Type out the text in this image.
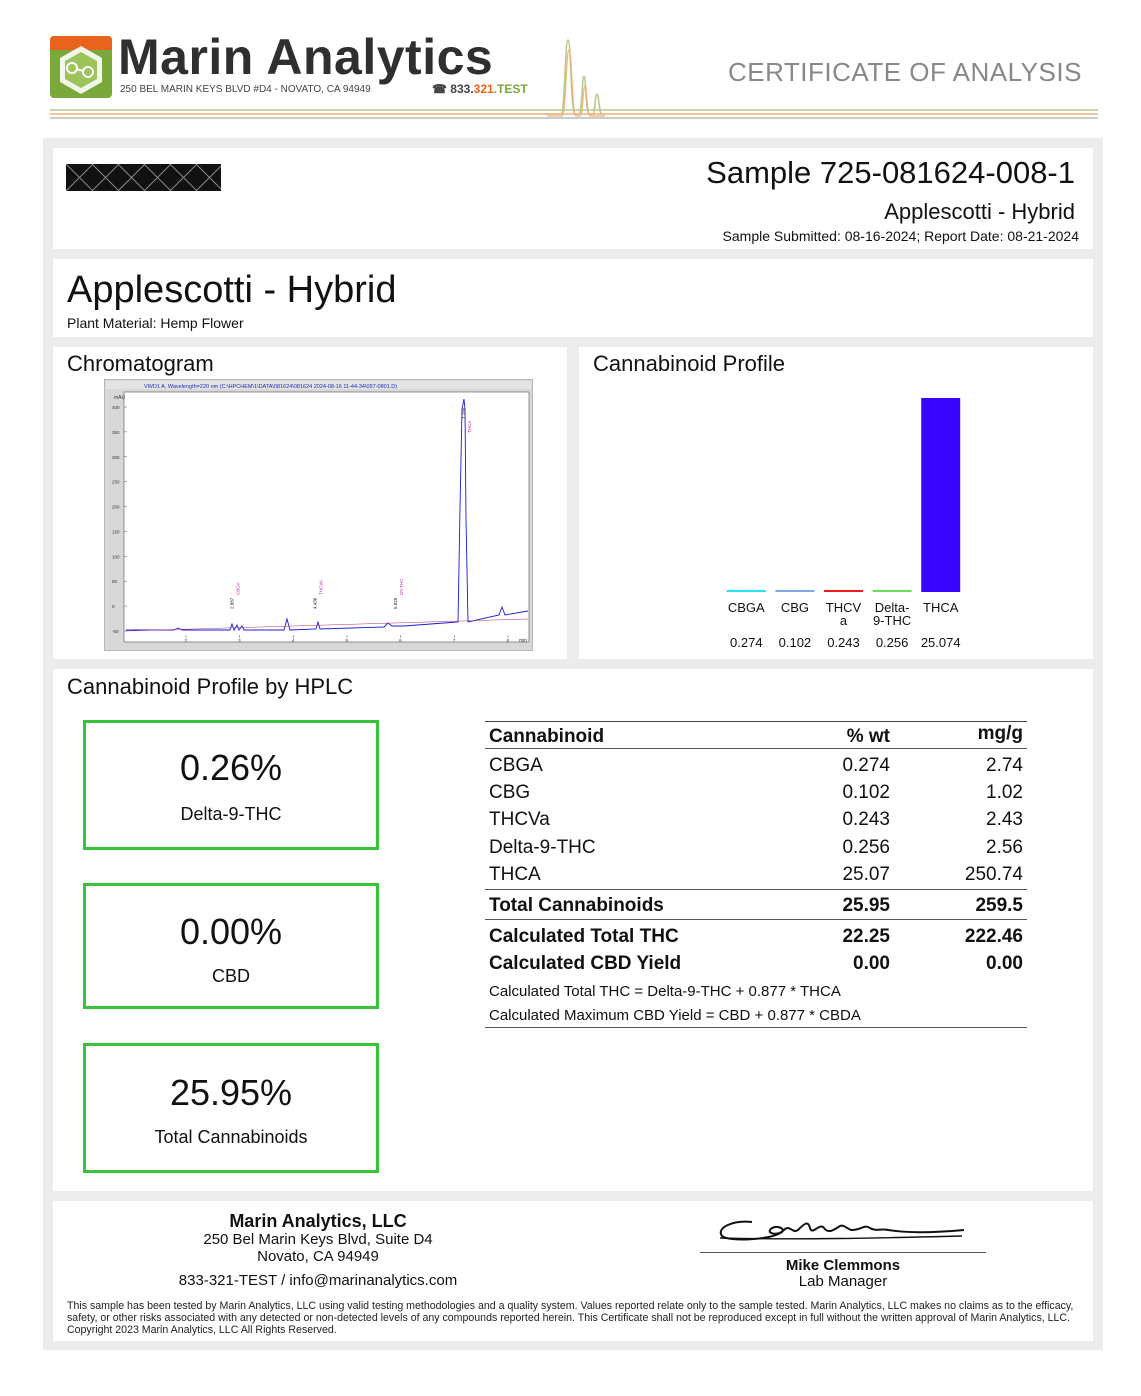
Marin Analytics
250 BEL MARIN KEYS BLVD #D4 - NOVATO, CA 94949	☎ 833.321.TEST
CERTIFICATE OF ANALYSIS
Sample 725-081624-008-1
Applescotti - Hybrid
Sample Submitted: 08-16-2024; Report Date: 08-21-2024
Applescotti - Hybrid
Plant Material: Hemp Flower
Chromatogram
VWD1 A, Wavelength=220 nm (C:\HPCHEM\1\DATA\081624\081624 2024-08-16 11-44-34\057-0801.D)
mAU
min
400
350
300
250
200
150
100
50
0
-50
2	3	4	5	6	7	8
2.887
CBGA
4.436
THCVA
5.929
D9-THC
7.195
THCA
Cannabinoid Profile
CBGA
0.274
CBG
0.102
THCV
a
0.243
Delta-
9-THC
0.256
THCA
25.074
Cannabinoid Profile by HPLC
0.26%
Delta-9-THC
0.00%
CBD
25.95%
Total Cannabinoids
Cannabinoid	% wt	mg/g
CBGA	0.274	2.74
CBG	0.102	1.02
THCVa	0.243	2.43
Delta-9-THC	0.256	2.56
THCA	25.07	250.74
Total Cannabinoids	25.95	259.5
Calculated Total THC	22.25	222.46
Calculated CBD Yield	0.00	0.00
Calculated Total THC = Delta-9-THC + 0.877 * THCA
Calculated Maximum CBD Yield = CBD + 0.877 * CBDA
Marin Analytics, LLC
250 Bel Marin Keys Blvd, Suite D4
Novato, CA 94949
833-321-TEST / info@marinanalytics.com
Mike Clemmons
Lab Manager
This sample has been tested by Marin Analytics, LLC using valid testing methodologies and a quality system. Values reported relate only to the sample tested. Marin Analytics, LLC makes no claims as to the efficacy, safety, or other risks associated with any detected or non-detected levels of any compounds reported herein. This Certificate shall not be reproduced except in full without the written approval of Marin Analytics, LLC. Copyright 2023 Marin Analytics, LLC All Rights Reserved.
